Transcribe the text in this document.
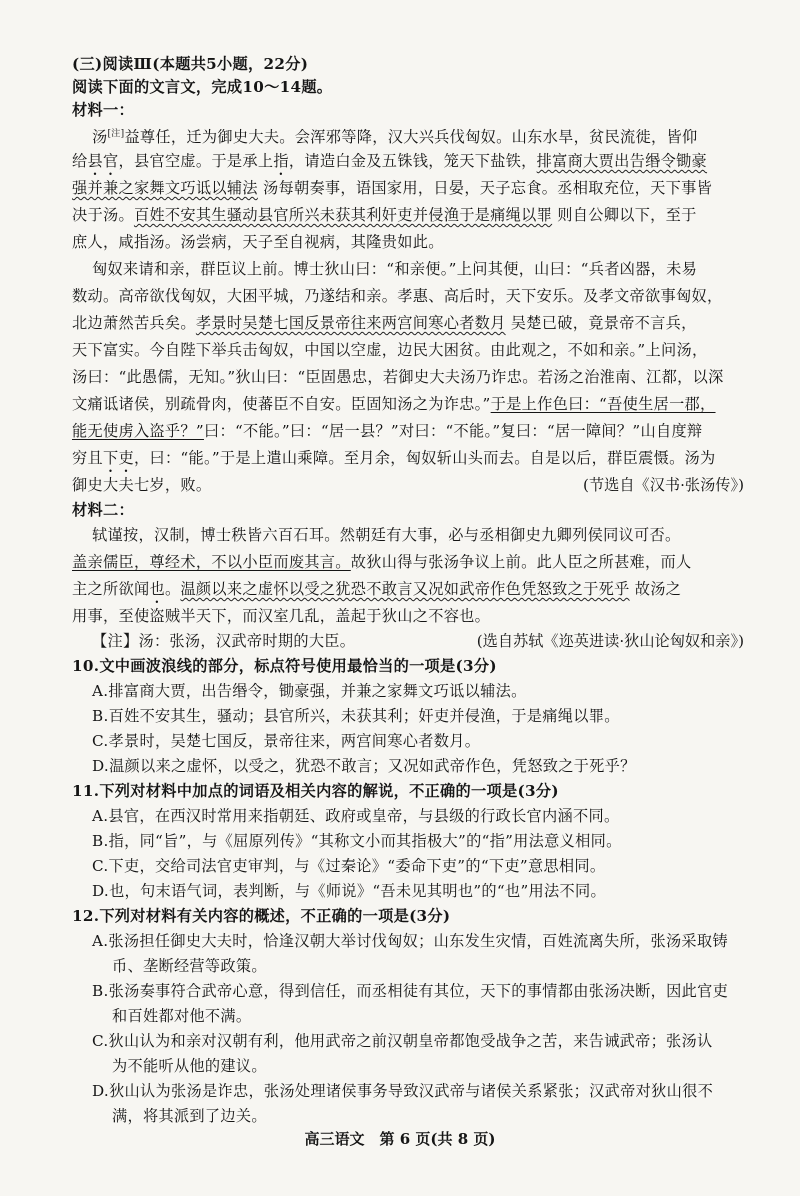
(三)阅读Ⅲ(本题共5小题，22分)
阅读下面的文言文，完成10～14题。
材料一：
汤[注]益尊任，迁为御史大夫。会浑邪等降，汉大兴兵伐匈奴。山东水旱，贫民流徙，皆仰
给县官，县官空虚。于是承上指，请造白金及五铢钱，笼天下盐铁，排富商大贾出告缗令锄豪
强并兼之家舞文巧诋以辅法 汤每朝奏事，语国家用，日晏，天子忘食。丞相取充位，天下事皆
决于汤。百姓不安其生骚动县官所兴未获其利奸吏并侵渔于是痛绳以罪 则自公卿以下，至于
庶人，咸指汤。汤尝病，天子至自视病，其隆贵如此。
匈奴来请和亲，群臣议上前。博士狄山曰：“和亲便。”上问其便，山曰：“兵者凶器，未易
数动。高帝欲伐匈奴，大困平城，乃遂结和亲。孝惠、高后时，天下安乐。及孝文帝欲事匈奴，
北边萧然苦兵矣。孝景时吴楚七国反景帝往来两宫间寒心者数月 吴楚已破，竟景帝不言兵，
天下富实。今自陛下举兵击匈奴，中国以空虚，边民大困贫。由此观之，不如和亲。”上问汤，
汤曰：“此愚儒，无知。”狄山曰：“臣固愚忠，若御史大夫汤乃诈忠。若汤之治淮南、江都，以深
文痛诋诸侯，别疏骨肉，使蕃臣不自安。臣固知汤之为诈忠。”于是上作色曰：“吾使生居一郡，
能无使虏入盗乎？”曰：“不能。”曰：“居一县？”对曰：“不能。”复曰：“居一障间？”山自度辩
穷且下吏，曰：“能。”于是上遣山乘障。至月余，匈奴斩山头而去。自是以后，群臣震慑。汤为
御史大夫七岁，败。	(节选自《汉书·张汤传》)
材料二：
轼谨按，汉制，博士秩皆六百石耳。然朝廷有大事，必与丞相御史九卿列侯同议可否。
盖亲儒臣，尊经术，不以小臣而废其言。故狄山得与张汤争议上前。此人臣之所甚难，而人
主之所欲闻也。温颜以来之虚怀以受之犹恐不敢言又况如武帝作色凭怒致之于死乎 故汤之
用事，至使盗贼半天下，而汉室几乱，盖起于狄山之不容也。
【注】汤：张汤，汉武帝时期的大臣。	(选自苏轼《迩英进读·狄山论匈奴和亲》)
10.文中画波浪线的部分，标点符号使用最恰当的一项是(3分)
A.排富商大贾，出告缗令，锄豪强，并兼之家舞文巧诋以辅法。
B.百姓不安其生，骚动；县官所兴，未获其利；奸吏并侵渔，于是痛绳以罪。
C.孝景时，吴楚七国反，景帝往来，两宫间寒心者数月。
D.温颜以来之虚怀，以受之，犹恐不敢言；又况如武帝作色，凭怒致之于死乎？
11.下列对材料中加点的词语及相关内容的解说，不正确的一项是(3分)
A.县官，在西汉时常用来指朝廷、政府或皇帝，与县级的行政长官内涵不同。
B.指，同“旨”，与《屈原列传》“其称文小而其指极大”的“指”用法意义相同。
C.下吏，交给司法官吏审判，与《过秦论》“委命下吏”的“下吏”意思相同。
D.也，句末语气词，表判断，与《师说》“吾未见其明也”的“也”用法不同。
12.下列对材料有关内容的概述，不正确的一项是(3分)
A.张汤担任御史大夫时，恰逢汉朝大举讨伐匈奴；山东发生灾情，百姓流离失所，张汤采取铸
币、垄断经营等政策。
B.张汤奏事符合武帝心意，得到信任，而丞相徒有其位，天下的事情都由张汤决断，因此官吏
和百姓都对他不满。
C.狄山认为和亲对汉朝有利，他用武帝之前汉朝皇帝都饱受战争之苦，来告诫武帝；张汤认
为不能听从他的建议。
D.狄山认为张汤是诈忠，张汤处理诸侯事务导致汉武帝与诸侯关系紧张；汉武帝对狄山很不
满，将其派到了边关。
高三语文　第 6 页(共 8 页)
